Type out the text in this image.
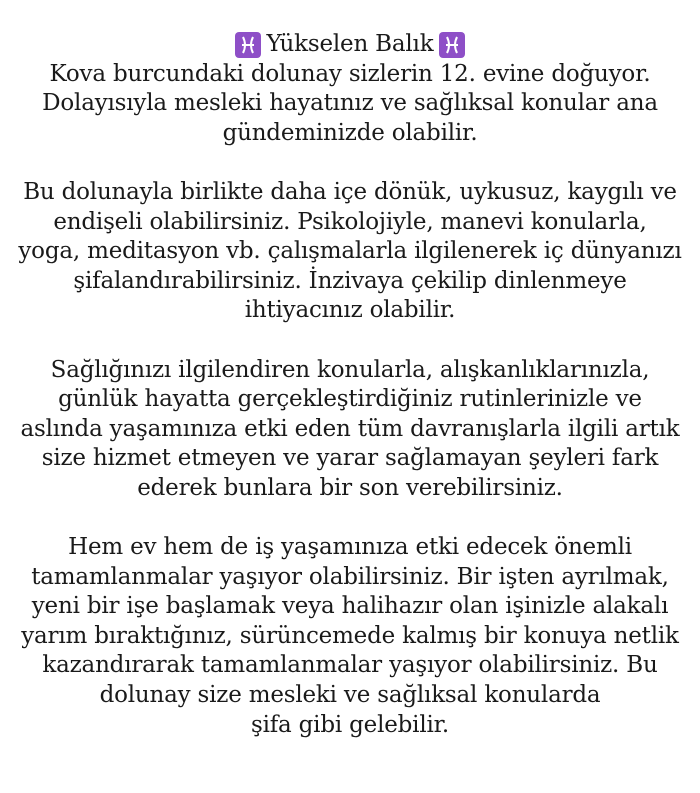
Yükselen Balık
Kova burcundaki dolunay sizlerin 12. evine doğuyor.
Dolayısıyla mesleki hayatınız ve sağlıksal konular ana
gündeminizde olabilir.
Bu dolunayla birlikte daha içe dönük, uykusuz, kaygılı ve
endişeli olabilirsiniz. Psikolojiyle, manevi konularla,
yoga, meditasyon vb. çalışmalarla ilgilenerek iç dünyanızı
şifalandırabilirsiniz. İnzivaya çekilip dinlenmeye
ihtiyacınız olabilir.
Sağlığınızı ilgilendiren konularla, alışkanlıklarınızla,
günlük hayatta gerçekleştirdiğiniz rutinlerinizle ve
aslında yaşamınıza etki eden tüm davranışlarla ilgili artık
size hizmet etmeyen ve yarar sağlamayan şeyleri fark
ederek bunlara bir son verebilirsiniz.
Hem ev hem de iş yaşamınıza etki edecek önemli
tamamlanmalar yaşıyor olabilirsiniz. Bir işten ayrılmak,
yeni bir işe başlamak veya halihazır olan işinizle alakalı
yarım bıraktığınız, sürüncemede kalmış bir konuya netlik
kazandırarak tamamlanmalar yaşıyor olabilirsiniz. Bu
dolunay size mesleki ve sağlıksal konularda
şifa gibi gelebilir.
